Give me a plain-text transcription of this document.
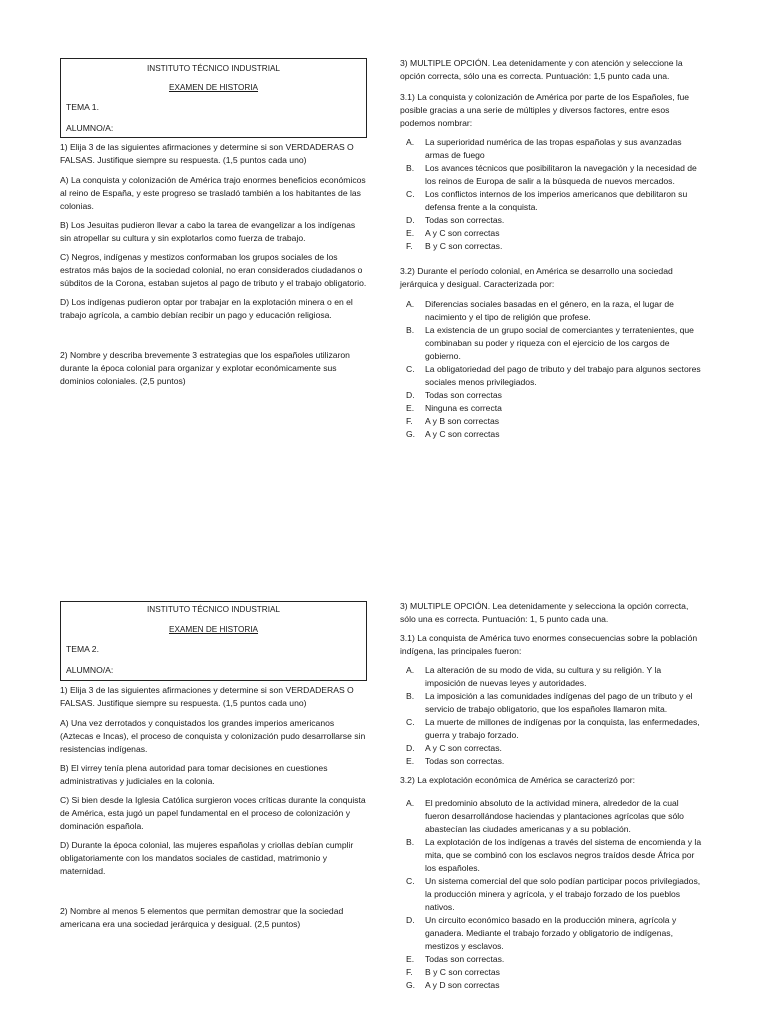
INSTITUTO TÉCNICO INDUSTRIAL
EXAMEN DE HISTORIA
TEMA 1.
ALUMNO/A:

1) Elija 3 de las siguientes afirmaciones y determine si son VERDADERAS O FALSAS. Justifique siempre su respuesta. (1,5 puntos cada uno)

A) La conquista y colonización de América trajo enormes beneficios económicos al reino de España, y este progreso se trasladó también a los habitantes de las colonias.

B) Los Jesuitas pudieron llevar a cabo la tarea de evangelizar a los indígenas sin atropellar su cultura y sin explotarlos como fuerza de trabajo.

C) Negros, indígenas y mestizos conformaban los grupos sociales de los estratos más bajos de la sociedad colonial, no eran considerados ciudadanos o súbditos de la Corona, estaban sujetos al pago de tributo y el trabajo obligatorio.

D) Los indígenas pudieron optar por trabajar en la explotación minera o en el trabajo agrícola, a cambio debían recibir un pago y educación religiosa.

2) Nombre y describa brevemente 3 estrategias que los españoles utilizaron durante la época colonial para organizar y explotar económicamente sus dominios coloniales. (2,5 puntos)

3) MULTIPLE OPCIÓN. Lea detenidamente y con atención y seleccione la opción correcta, sólo una es correcta. Puntuación: 1,5 punto cada una.

3.1) La conquista y colonización de América por parte de los Españoles, fue posible gracias a una serie de múltiples y diversos factores, entre esos podemos nombrar:

A. La superioridad numérica de las tropas españolas y sus avanzadas armas de fuego
B. Los avances técnicos que posibilitaron la navegación y la necesidad de los reinos de Europa de salir a la búsqueda de nuevos mercados.
C. Los conflictos internos de los imperios americanos que debilitaron su defensa frente a la conquista.
D. Todas son correctas.
E. A y C son correctas
F. B y C son correctas.

3.2) Durante el período colonial, en América se desarrollo una sociedad jerárquica y desigual. Caracterizada por:

A. Diferencias sociales basadas en el género, en la raza, el lugar de nacimiento y el tipo de religión que profese.
B. La existencia de un grupo social de comerciantes y terratenientes, que combinaban su poder y riqueza con el ejercicio de los cargos de gobierno.
C. La obligatoriedad del pago de tributo y del trabajo para algunos sectores sociales menos privilegiados.
D. Todas son correctas
E. Ninguna es correcta
F. A y B son correctas
G. A y C son correctas
INSTITUTO TÉCNICO INDUSTRIAL
EXAMEN DE HISTORIA
TEMA 2.
ALUMNO/A:

1) Elija 3 de las siguientes afirmaciones y determine si son VERDADERAS O FALSAS. Justifique siempre su respuesta. (1,5 puntos cada uno)

A) Una vez derrotados y conquistados los grandes imperios americanos (Aztecas e Incas), el proceso de conquista y colonización pudo desarrollarse sin resistencias indígenas.

B) El virrey tenía plena autoridad para tomar decisiones en cuestiones administrativas y judiciales en la colonia.

C) Si bien desde la Iglesia Católica surgieron voces críticas durante la conquista de América, esta jugó un papel fundamental en el proceso de colonización y dominación española.

D) Durante la época colonial, las mujeres españolas y criollas debían cumplir obligatoriamente con los mandatos sociales de castidad, matrimonio y maternidad.

2) Nombre al menos 5 elementos que permitan demostrar que la sociedad americana era una sociedad jerárquica y desigual. (2,5 puntos)

3) MULTIPLE OPCIÓN. Lea detenidamente y selecciona la opción correcta, sólo una es correcta. Puntuación: 1, 5 punto cada una.

3.1) La conquista de América tuvo enormes consecuencias sobre la población indígena, las principales fueron:

A. La alteración de su modo de vida, su cultura y su religión. Y la imposición de nuevas leyes y autoridades.
B. La imposición a las comunidades indígenas del pago de un tributo y el servicio de trabajo obligatorio, que los españoles llamaron mita.
C. La muerte de millones de indígenas por la conquista, las enfermedades, guerra y trabajo forzado.
D. A y C son correctas.
E. Todas son correctas.

3.2) La explotación económica de América se caracterizó por:

A. El predominio absoluto de la actividad minera, alrededor de la cual fueron desarrollándose haciendas y plantaciones agrícolas que sólo abastecían las ciudades americanas y a su población.
B. La explotación de los indígenas a través del sistema de encomienda y la mita, que se combinó con los esclavos negros traídos desde África por los españoles.
C. Un sistema comercial del que solo podían participar pocos privilegiados, la producción minera y agrícola, y el trabajo forzado de los pueblos nativos.
D. Un circuito económico basado en la producción minera, agrícola y ganadera. Mediante el trabajo forzado y obligatorio de indígenas, mestizos y esclavos.
E. Todas son correctas.
F. B y C son correctas
G. A y D son correctas
